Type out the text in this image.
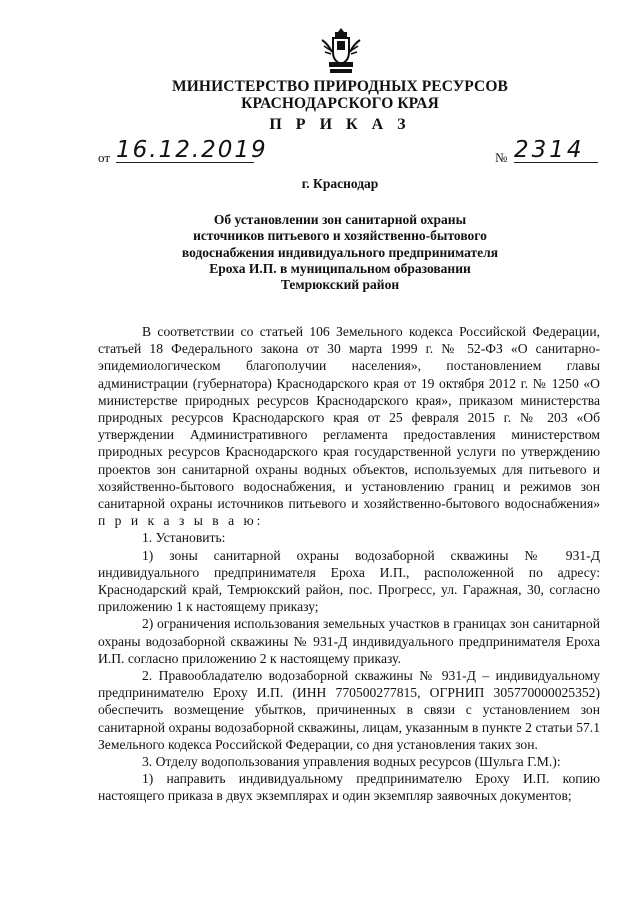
МИНИСТЕРСТВО ПРИРОДНЫХ РЕСУРСОВ
КРАСНОДАРСКОГО КРАЯ
П Р И К А З
от 16.12.2019	№ 2314
г. Краснодар
Об установлении зон санитарной охраны
источников питьевого и хозяйственно-бытового
водоснабжения индивидуального предпринимателя
Ероха И.П. в муниципальном образовании
Темрюкский район

В соответствии со статьей 106 Земельного кодекса Российской Федерации, статьей 18 Федерального закона от 30 марта 1999 г. № 52-ФЗ «О санитарно-эпидемиологическом благополучии населения», постановлением главы администрации (губернатора) Краснодарского края от 19 октября 2012 г. № 1250 «О министерстве природных ресурсов Краснодарского края», приказом министерства природных ресурсов Краснодарского края от 25 февраля 2015 г. № 203 «Об утверждении Административного регламента предоставления министерством природных ресурсов Краснодарского края государственной услуги по утверждению проектов зон санитарной охраны водных объектов, используемых для питьевого и хозяйственно-бытового водоснабжения, и установлению границ и режимов зон санитарной охраны источников питьевого и хозяйственно-бытового водоснабжения» п р и к а з ы в а ю:

1. Установить:

1) зоны санитарной охраны водозаборной скважины № 931-Д индивидуального предпринимателя Ероха И.П., расположенной по адресу: Краснодарский край, Темрюкский район, пос. Прогресс, ул. Гаражная, 30, согласно приложению 1 к настоящему приказу;

2) ограничения использования земельных участков в границах зон санитарной охраны водозаборной скважины № 931-Д индивидуального предпринимателя Ероха И.П. согласно приложению 2 к настоящему приказу.

2. Правообладателю водозаборной скважины № 931-Д – индивидуальному предпринимателю Ероху И.П. (ИНН 770500277815, ОГРНИП 305770000025352) обеспечить возмещение убытков, причиненных в связи с установлением зон санитарной охраны водозаборной скважины, лицам, указанным в пункте 2 статьи 57.1 Земельного кодекса Российской Федерации, со дня установления таких зон.

3. Отделу водопользования управления водных ресурсов (Шульга Г.М.):

1) направить индивидуальному предпринимателю Ероху И.П. копию настоящего приказа в двух экземплярах и один экземпляр заявочных документов;
